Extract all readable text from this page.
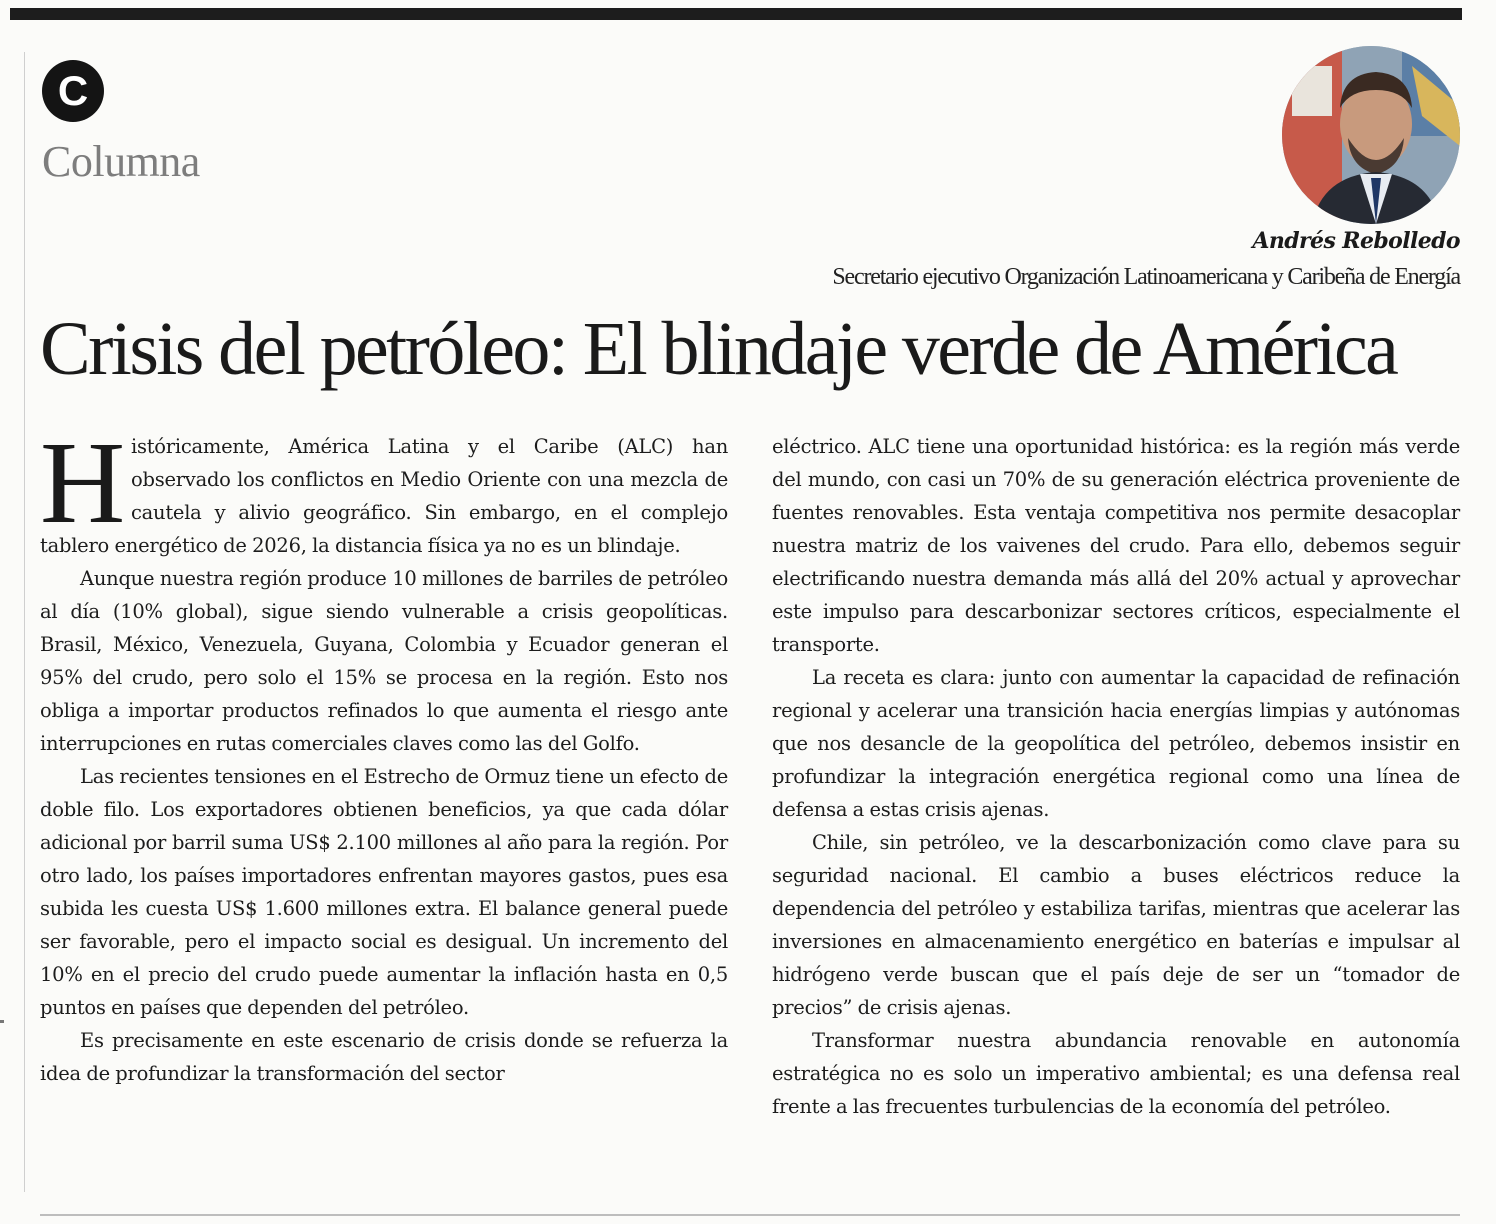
C
Columna
Andrés Rebolledo
Secretario ejecutivo Organización Latinoamericana y Caribeña de Energía
Crisis del petróleo: El blindaje verde de América

Históricamente, América Latina y el Caribe (ALC) han observado los conflictos en Medio Oriente con una mezcla de cautela y alivio geográfico. Sin embargo, en el complejo tablero energético de 2026, la distancia física ya no es un blindaje.

Aunque nuestra región produce 10 millones de barriles de petróleo al día (10% global), sigue siendo vulnerable a crisis geopolíticas. Brasil, México, Venezuela, Guyana, Colombia y Ecuador generan el 95% del crudo, pero solo el 15% se procesa en la región. Esto nos obliga a importar productos refinados lo que aumenta el riesgo ante interrupciones en rutas comerciales claves como las del Golfo.

Las recientes tensiones en el Estrecho de Ormuz tiene un efecto de doble filo. Los exportadores obtienen beneficios, ya que cada dólar adicional por barril suma US$ 2.100 millones al año para la región. Por otro lado, los países importadores enfrentan mayores gastos, pues esa subida les cuesta US$ 1.600 millones extra. El balance general puede ser favorable, pero el impacto social es desigual. Un incremento del 10% en el precio del crudo puede aumentar la inflación hasta en 0,5 puntos en países que dependen del petróleo.

Es precisamente en este escenario de crisis donde se refuerza la idea de profundizar la transformación del sector

eléctrico. ALC tiene una oportunidad histórica: es la región más verde del mundo, con casi un 70% de su generación eléctrica proveniente de fuentes renovables. Esta ventaja competitiva nos permite desacoplar nuestra matriz de los vaivenes del crudo. Para ello, debemos seguir electrificando nuestra demanda más allá del 20% actual y aprovechar este impulso para descarbonizar sectores críticos, especialmente el transporte.

La receta es clara: junto con aumentar la capacidad de refinación regional y acelerar una transición hacia energías limpias y autónomas que nos desancle de la geopolítica del petróleo, debemos insistir en profundizar la integración energética regional como una línea de defensa a estas crisis ajenas.

Chile, sin petróleo, ve la descarbonización como clave para su seguridad nacional. El cambio a buses eléctricos reduce la dependencia del petróleo y estabiliza tarifas, mientras que acelerar las inversiones en almacenamiento energético en baterías e impulsar al hidrógeno verde buscan que el país deje de ser un “tomador de precios” de crisis ajenas.

Transformar nuestra abundancia renovable en autonomía estratégica no es solo un imperativo ambiental; es una defensa real frente a las frecuentes turbulencias de la economía del petróleo.
